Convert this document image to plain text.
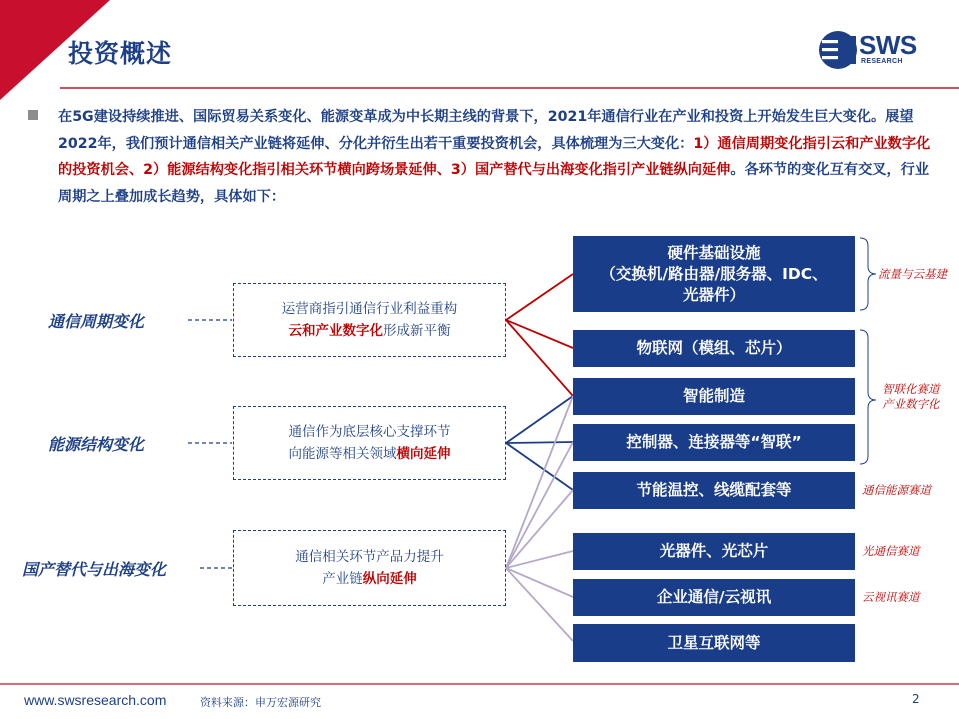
投资概述	SWS
RESEARCH
在5G建设持续推进、国际贸易关系变化、能源变革成为中长期主线的背景下，2021年通信行业在产业和投资上开始发生巨大变化。展望2022年，我们预计通信相关产业链将延伸、分化并衍生出若干重要投资机会，具体梳理为三大变化：1）通信周期变化指引云和产业数字化的投资机会、2）能源结构变化指引相关环节横向跨场景延伸、3）国产替代与出海变化指引产业链纵向延伸。各环节的变化互有交叉，行业周期之上叠加成长趋势，具体如下：
通信周期变化
能源结构变化
国产替代与出海变化
运营商指引通信行业利益重构
云和产业数字化形成新平衡
通信作为底层核心支撑环节
向能源等相关领域横向延伸
通信相关环节产品力提升
产业链纵向延伸
硬件基础设施
（交换机/路由器/服务器、IDC、
光器件）
物联网（模组、芯片）
智能制造
控制器、连接器等“智联”
节能温控、线缆配套等
光器件、光芯片
企业通信/云视讯
卫星互联网等
流量与云基建
智联化赛道
产业数字化
通信能源赛道
光通信赛道
云视讯赛道
www.swsresearch.com	资料来源：申万宏源研究	2
